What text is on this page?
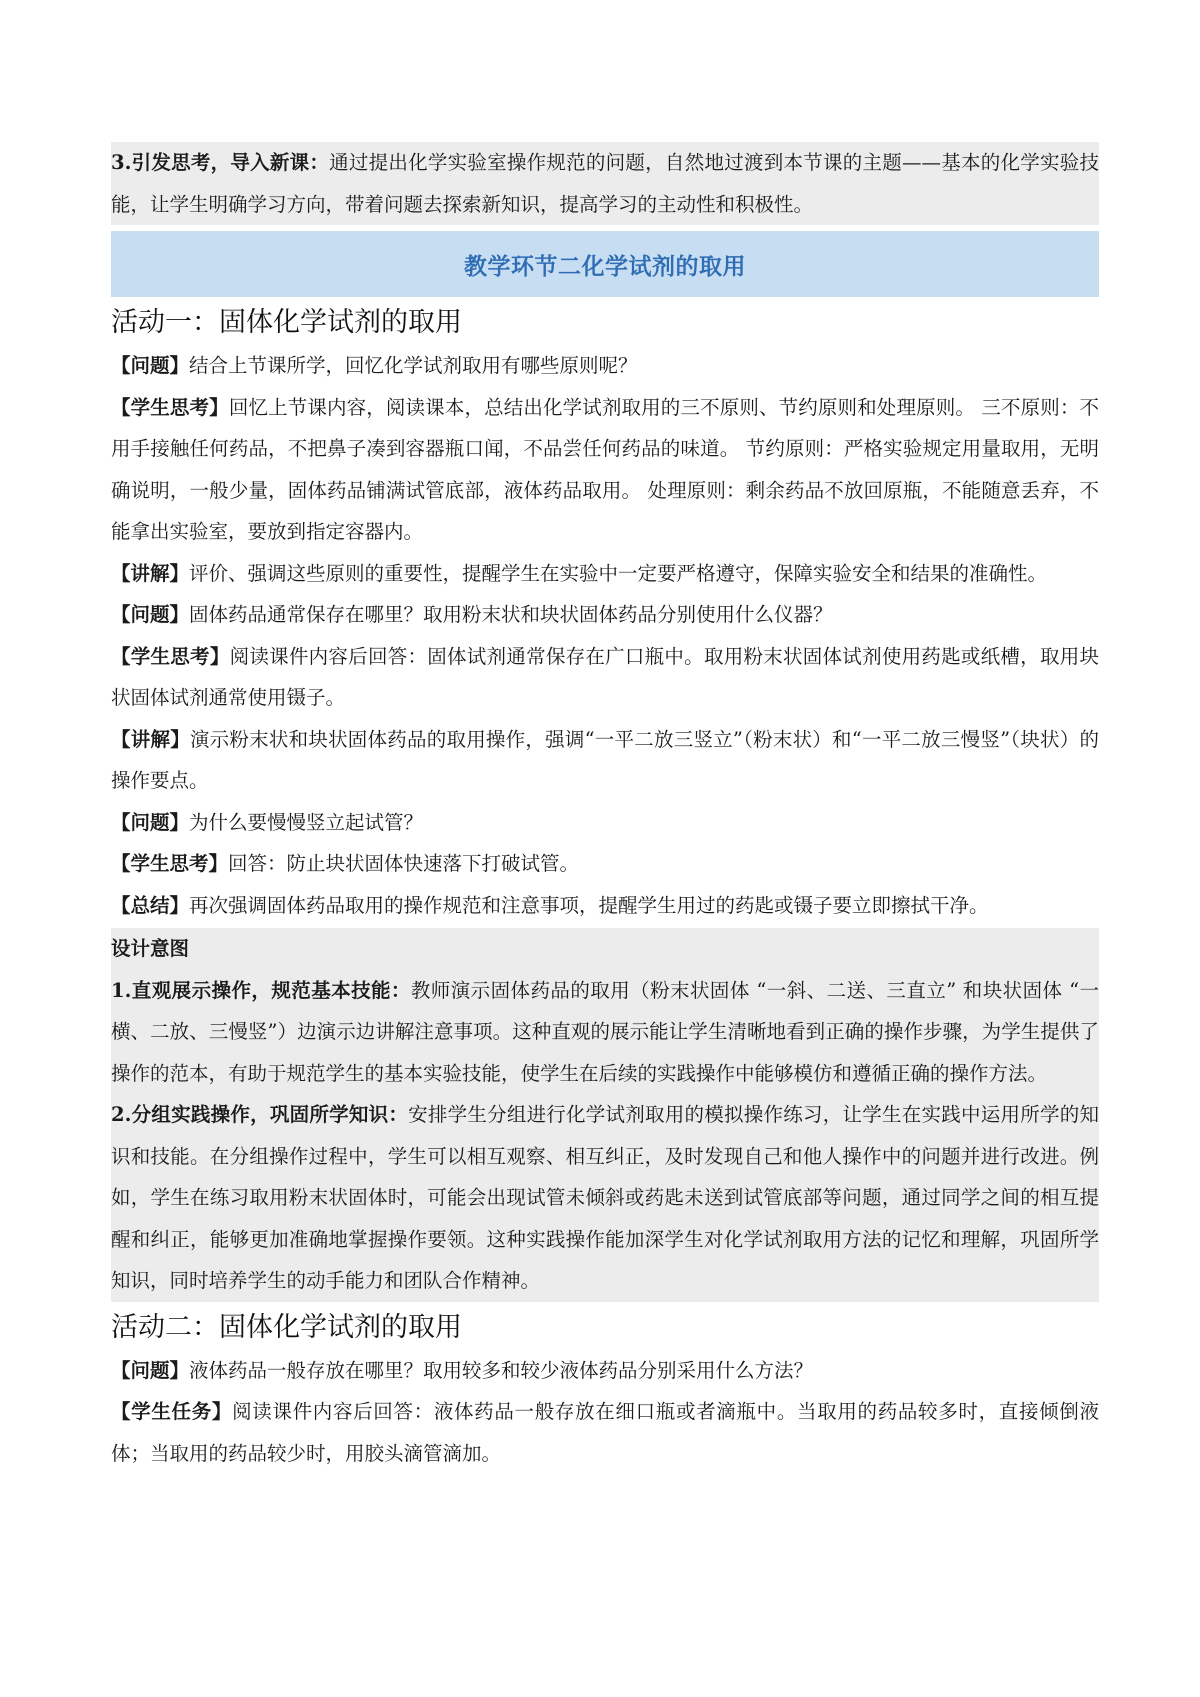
3.引发思考，导入新课：通过提出化学实验室操作规范的问题，自然地过渡到本节课的主题——基本的化学实验技能，让学生明确学习方向，带着问题去探索新知识，提高学习的主动性和积极性。

教学环节二化学试剂的取用
活动一：固体化学试剂的取用

【问题】结合上节课所学，回忆化学试剂取用有哪些原则呢？

【学生思考】回忆上节课内容，阅读课本，总结出化学试剂取用的三不原则、节约原则和处理原则。 三不原则：不用手接触任何药品，不把鼻子凑到容器瓶口闻，不品尝任何药品的味道。 节约原则：严格实验规定用量取用，无明确说明，一般少量，固体药品铺满试管底部，液体药品取用。 处理原则：剩余药品不放回原瓶，不能随意丢弃，不能拿出实验室，要放到指定容器内。

【讲解】评价、强调这些原则的重要性，提醒学生在实验中一定要严格遵守，保障实验安全和结果的准确性。

【问题】固体药品通常保存在哪里？取用粉末状和块状固体药品分别使用什么仪器？

【学生思考】阅读课件内容后回答：固体试剂通常保存在广口瓶中。取用粉末状固体试剂使用药匙或纸槽，取用块状固体试剂通常使用镊子。

【讲解】演示粉末状和块状固体药品的取用操作，强调“一平二放三竖立”（粉末状）和“一平二放三慢竖”（块状）的操作要点。

【问题】为什么要慢慢竖立起试管？

【学生思考】回答：防止块状固体快速落下打破试管。

【总结】再次强调固体药品取用的操作规范和注意事项，提醒学生用过的药匙或镊子要立即擦拭干净。

设计意图

1.直观展示操作，规范基本技能：教师演示固体药品的取用（粉末状固体 “一斜、二送、三直立” 和块状固体 “一横、二放、三慢竖”）边演示边讲解注意事项。这种直观的展示能让学生清晰地看到正确的操作步骤，为学生提供了操作的范本，有助于规范学生的基本实验技能，使学生在后续的实践操作中能够模仿和遵循正确的操作方法。

2.分组实践操作，巩固所学知识：安排学生分组进行化学试剂取用的模拟操作练习，让学生在实践中运用所学的知识和技能。在分组操作过程中，学生可以相互观察、相互纠正，及时发现自己和他人操作中的问题并进行改进。例如，学生在练习取用粉末状固体时，可能会出现试管未倾斜或药匙未送到试管底部等问题，通过同学之间的相互提醒和纠正，能够更加准确地掌握操作要领。这种实践操作能加深学生对化学试剂取用方法的记忆和理解，巩固所学知识，同时培养学生的动手能力和团队合作精神。

活动二：固体化学试剂的取用

【问题】液体药品一般存放在哪里？取用较多和较少液体药品分别采用什么方法？

【学生任务】阅读课件内容后回答：液体药品一般存放在细口瓶或者滴瓶中。当取用的药品较多时，直接倾倒液体；当取用的药品较少时，用胶头滴管滴加。
